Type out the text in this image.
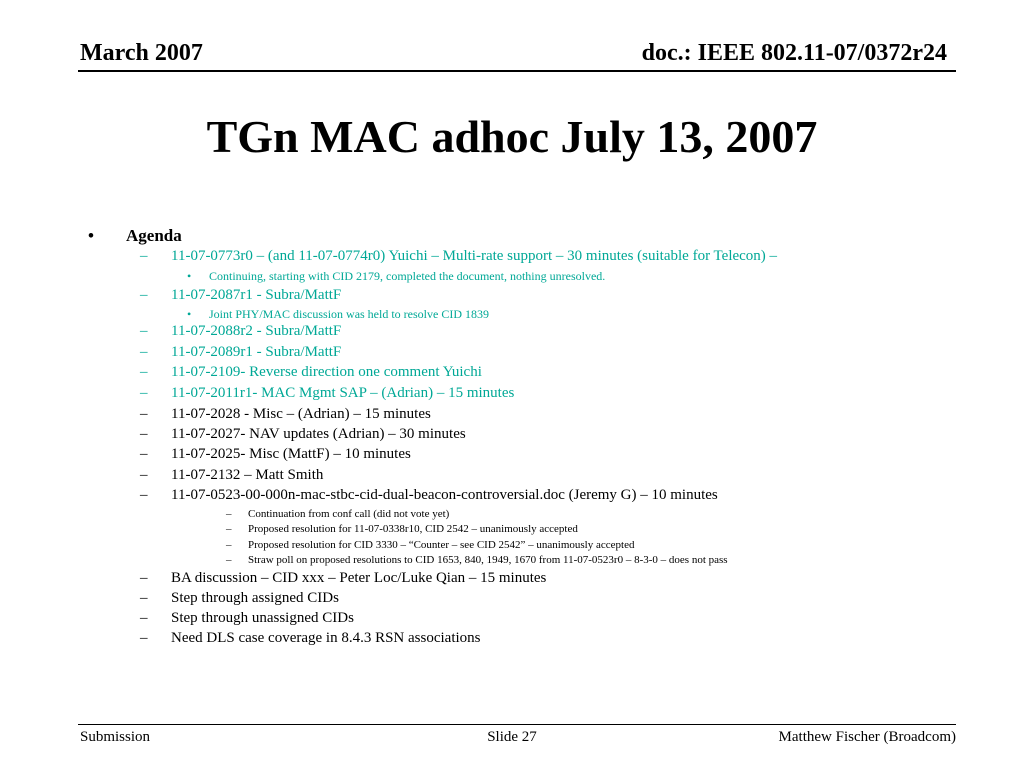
March 2007	doc.: IEEE 802.11-07/0372r24
TGn MAC adhoc July 13, 2007
• Agenda
– 11-07-0773r0 – (and 11-07-0774r0) Yuichi – Multi-rate support – 30 minutes (suitable for Telecon) –
• Continuing, starting with CID 2179, completed the document, nothing unresolved.
– 11-07-2087r1 - Subra/MattF
• Joint PHY/MAC discussion was held to resolve CID 1839
– 11-07-2088r2 - Subra/MattF
– 11-07-2089r1 - Subra/MattF
– 11-07-2109- Reverse direction one comment Yuichi
– 11-07-2011r1- MAC Mgmt SAP – (Adrian) – 15 minutes
– 11-07-2028 - Misc – (Adrian) – 15 minutes
– 11-07-2027- NAV updates (Adrian) – 30 minutes
– 11-07-2025- Misc (MattF) – 10 minutes
– 11-07-2132 – Matt Smith
– 11-07-0523-00-000n-mac-stbc-cid-dual-beacon-controversial.doc (Jeremy G) – 10 minutes
– Continuation from conf call (did not vote yet)
– Proposed resolution for 11-07-0338r10, CID 2542 – unanimously accepted
– Proposed resolution for CID 3330 – “Counter – see CID 2542” – unanimously accepted
– Straw poll on proposed resolutions to CID 1653, 840, 1949, 1670 from 11-07-0523r0 – 8-3-0 – does not pass
– BA discussion – CID xxx – Peter Loc/Luke Qian – 15 minutes
– Step through assigned CIDs
– Step through unassigned CIDs
– Need DLS case coverage in 8.4.3 RSN associations
Submission	Slide 27	Matthew Fischer (Broadcom)
